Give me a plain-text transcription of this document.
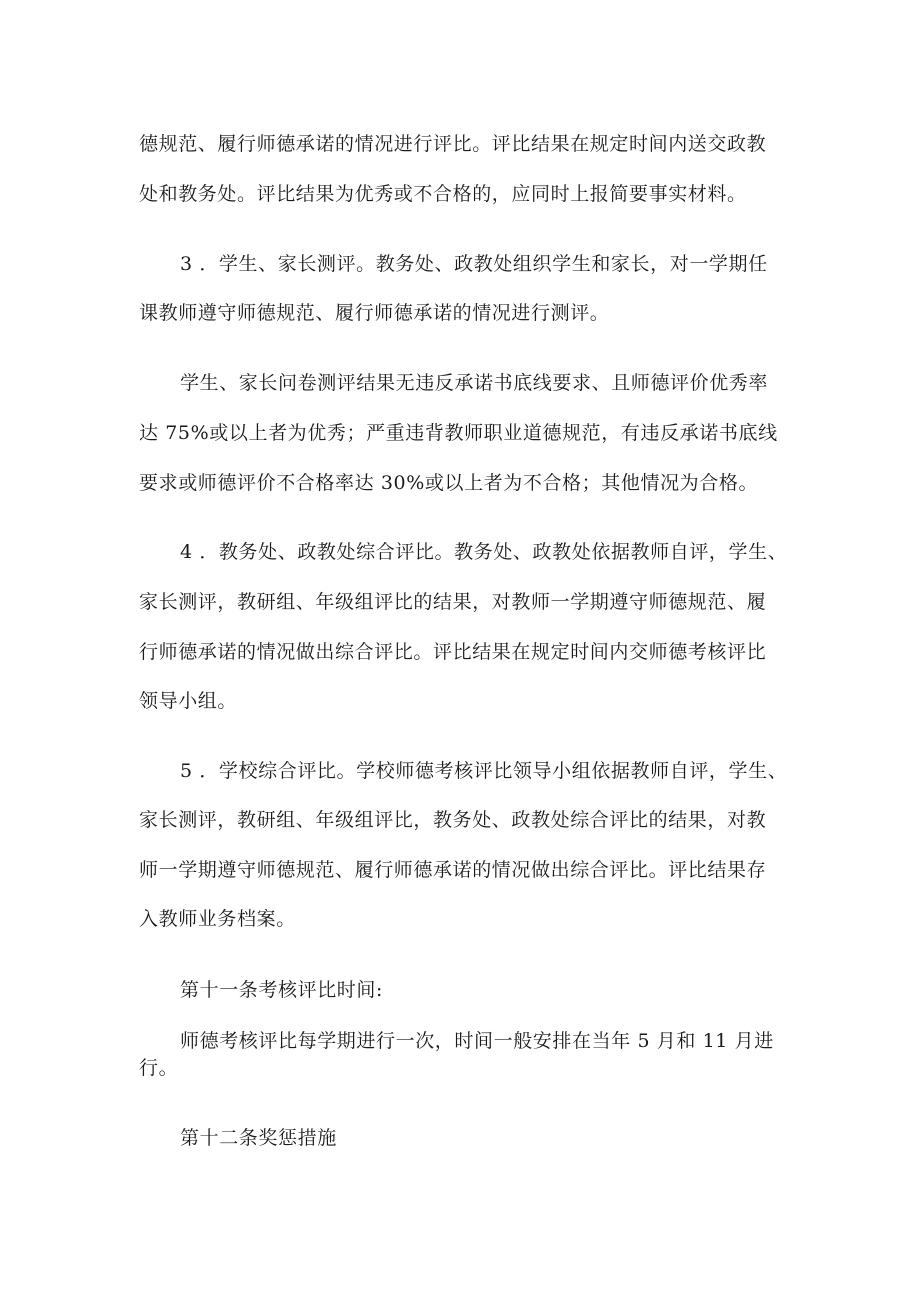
德规范、履行师德承诺的情况进行评比。评比结果在规定时间内送交政教
处和教务处。评比结果为优秀或不合格的，应同时上报简要事实材料。
3 ．学生、家长测评。教务处、政教处组织学生和家长，对一学期任
课教师遵守师德规范、履行师德承诺的情况进行测评。
学生、家长问卷测评结果无违反承诺书底线要求、且师德评价优秀率
达 75%或以上者为优秀；严重违背教师职业道德规范，有违反承诺书底线
要求或师德评价不合格率达 30%或以上者为不合格；其他情况为合格。
4 ．教务处、政教处综合评比。教务处、政教处依据教师自评，学生、
家长测评，教研组、年级组评比的结果，对教师一学期遵守师德规范、履
行师德承诺的情况做出综合评比。评比结果在规定时间内交师德考核评比
领导小组。
5 ．学校综合评比。学校师德考核评比领导小组依据教师自评，学生、
家长测评，教研组、年级组评比，教务处、政教处综合评比的结果，对教
师一学期遵守师德规范、履行师德承诺的情况做出综合评比。评比结果存
入教师业务档案。
第十一条考核评比时间:
师德考核评比每学期进行一次，时间一般安排在当年 5 月和 11 月进
行。
第十二条奖惩措施
